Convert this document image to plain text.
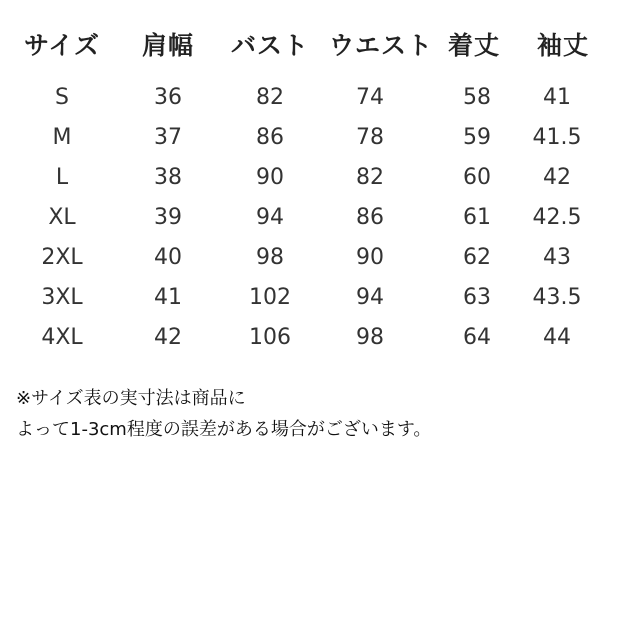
サイズ 肩幅 バスト ウエスト 着丈 袖丈
S	36	82	74	58 41
M	37	86	78	59 41.5
L	38	90	82	60 42
XL	39	94	86	61 42.5
2XL	40	98	90	62 43
3XL	41	102	94	63 43.5
4XL	42	106	98	64 44
※サイズ表の実寸法は商品に
よって1-3cm程度の誤差がある場合がございます。
